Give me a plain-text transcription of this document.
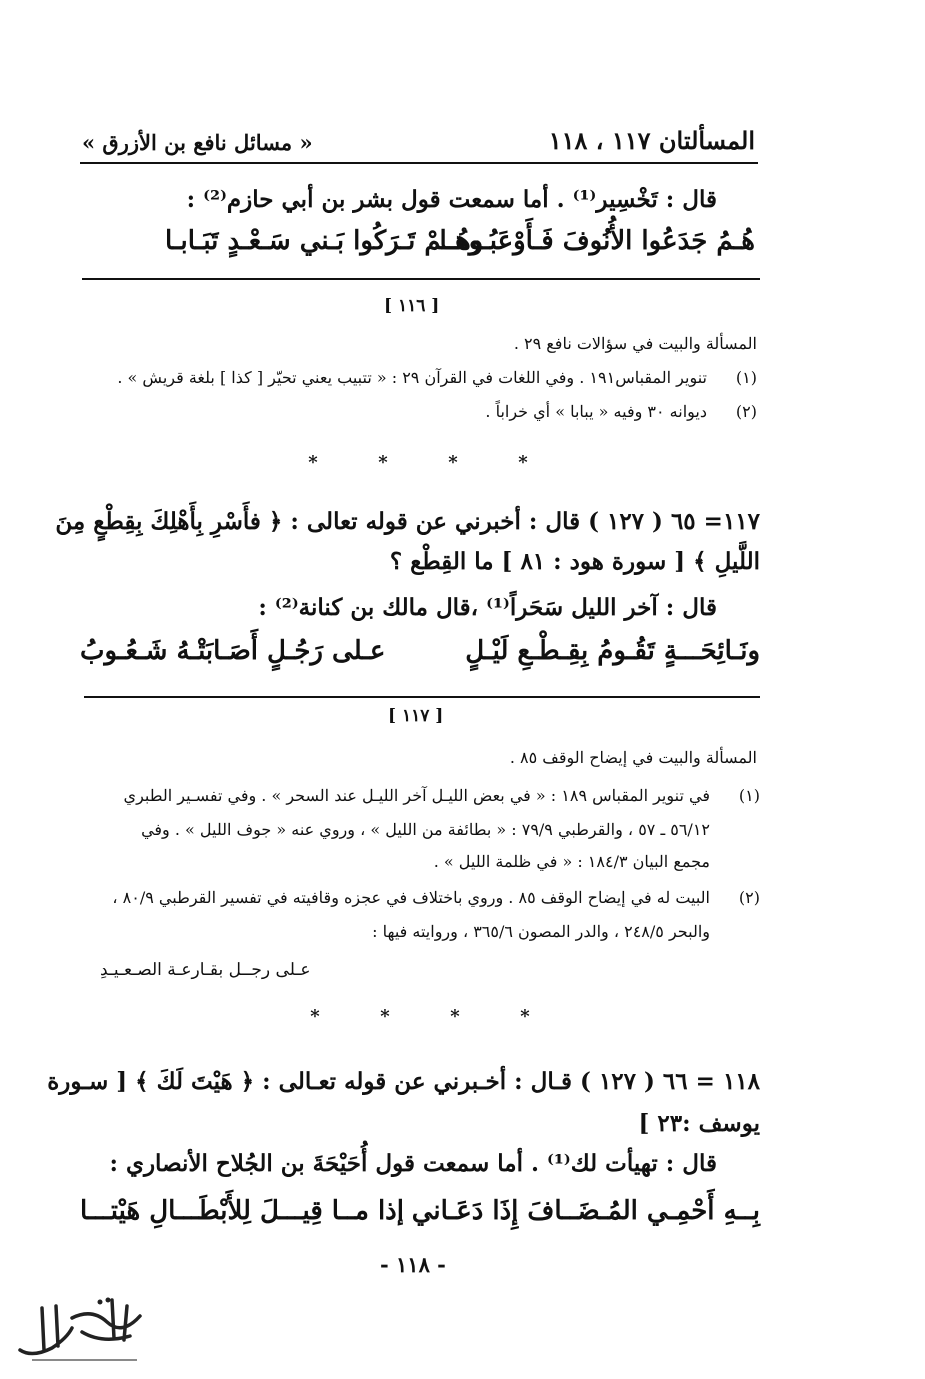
المسألتان ١١٧ ، ١١٨
« مسائل نافع بن الأزرق »
قال : تَخْسِير⁽¹⁾ . أما سمعت قول بشر بن أبي حازم⁽²⁾ :
هُـمُ جَدَعُوا الأُنُوفَ فَـأَوْعَبُـوهـا
وهُــمْ تَـرَكُوا بَـني سَـعْـدٍ تَبَـابـا
[ ١١٦ ]
المسألة والبيت في سؤالات نافع ٢٩ .
(١)
تنوير المقباس١٩١ . وفي اللغات في القرآن ٢٩ : « تتبيب يعني تحيّر [ كذا ] بلغة قريش » .
(٢)
ديوانه ٣٠ وفيه « يبابا » أي خراباً .
*	*	*	*
١١٧= ٦٥ ( ١٢٧ ) قال : أخبرني عن قوله تعالى : ﴿ فأَسْرِ بِأَهْلِكَ بِقِطْعٍ مِنَ
اللَّيلِ ﴾ [ سورة هود : ٨١ ] ما القِطْع ؟
قال : آخر الليل سَحَراً⁽¹⁾ ،قال مالك بن كنانة⁽²⁾ :
ونَـائِحَـــةٍ تَقُـومُ بِقِـطْـعِ لَيْـلٍ
عـلى رَجُـلٍ أَصَـابَتْـهُ شَـعُـوبُ
[ ١١٧ ]
المسألة والبيت في إيضاح الوقف ٨٥ .
(١)
في تنوير المقباس ١٨٩ : « في بعض الليـل آخر الليـل عند السحر » . وفي تفسـير الطبري
٥٦/١٢ ـ ٥٧ ، والقرطبي ٧٩/٩ : « بطائفة من الليل » ، وروي عنه « جوف الليل » . وفي
مجمع البيان ١٨٤/٣ : « في ظلمة الليل » .
(٢)
البيت له في إيضاح الوقف ٨٥ . وروي باختلاف في عجزه وقافيته في تفسير القرطبي ٨٠/٩ ،
والبحر ٢٤٨/٥ ، والدر المصون ٣٦٥/٦ ، وروايته فيها :
عـلى رجــل بقـارعـة الصـعـيـدِ
*	*	*	*
١١٨ = ٦٦ ( ١٢٧ ) قـال : أخـبرني عن قوله تعـالى : ﴿ هَيْتَ لَكَ ﴾ [ سـورة
يوسف :٢٣ ]
قال : تهيأت لك⁽¹⁾ . أما سمعت قول أُحَيْحَةَ بن الجُلاح الأنصاري :
بِــهِ أَحْمِـي المُـضَــافَ إِذَا دَعَـاني
إذا مــا قِيـــلَ لِلأَبْطَـــالِ هَيْتـــا
- ١١٨ -
